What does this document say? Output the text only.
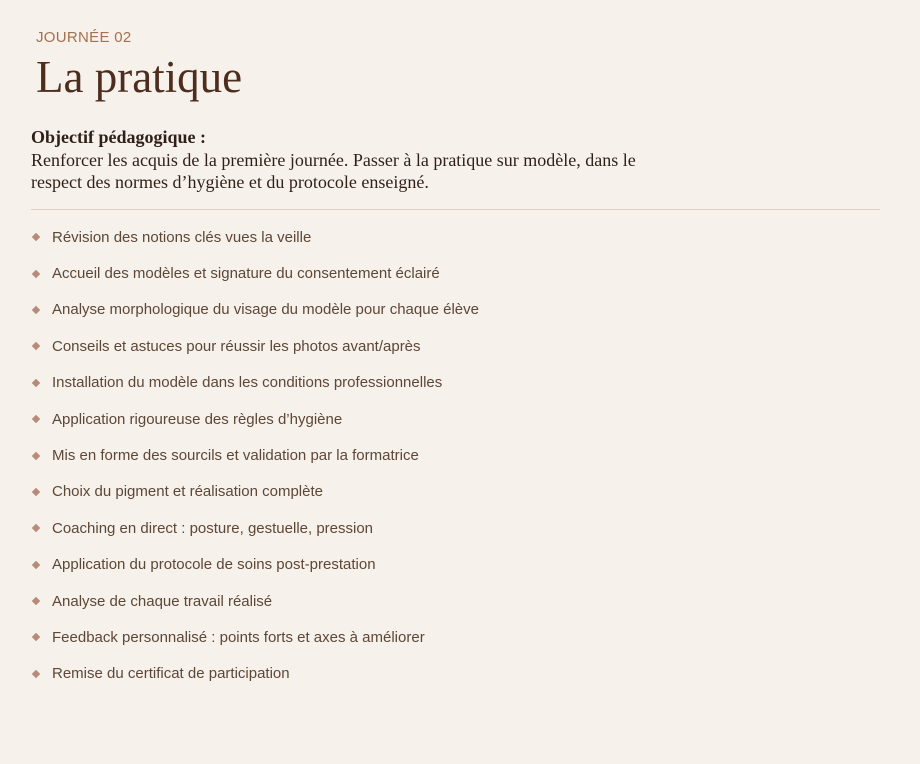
JOURNÉE 02
La pratique
Objectif pédagogique :
Renforcer les acquis de la première journée. Passer à la pratique sur modèle, dans le respect des normes d’hygiène et du protocole enseigné.
Révision des notions clés vues la veille
Accueil des modèles et signature du consentement éclairé
Analyse morphologique du visage du modèle pour chaque élève
Conseils et astuces pour réussir les photos avant/après
Installation du modèle dans les conditions professionnelles
Application rigoureuse des règles d’hygiène
Mis en forme des sourcils et validation par la formatrice
Choix du pigment et réalisation complète
Coaching en direct : posture, gestuelle, pression
Application du protocole de soins post-prestation
Analyse de chaque travail réalisé
Feedback personnalisé : points forts et axes à améliorer
Remise du certificat de participation
